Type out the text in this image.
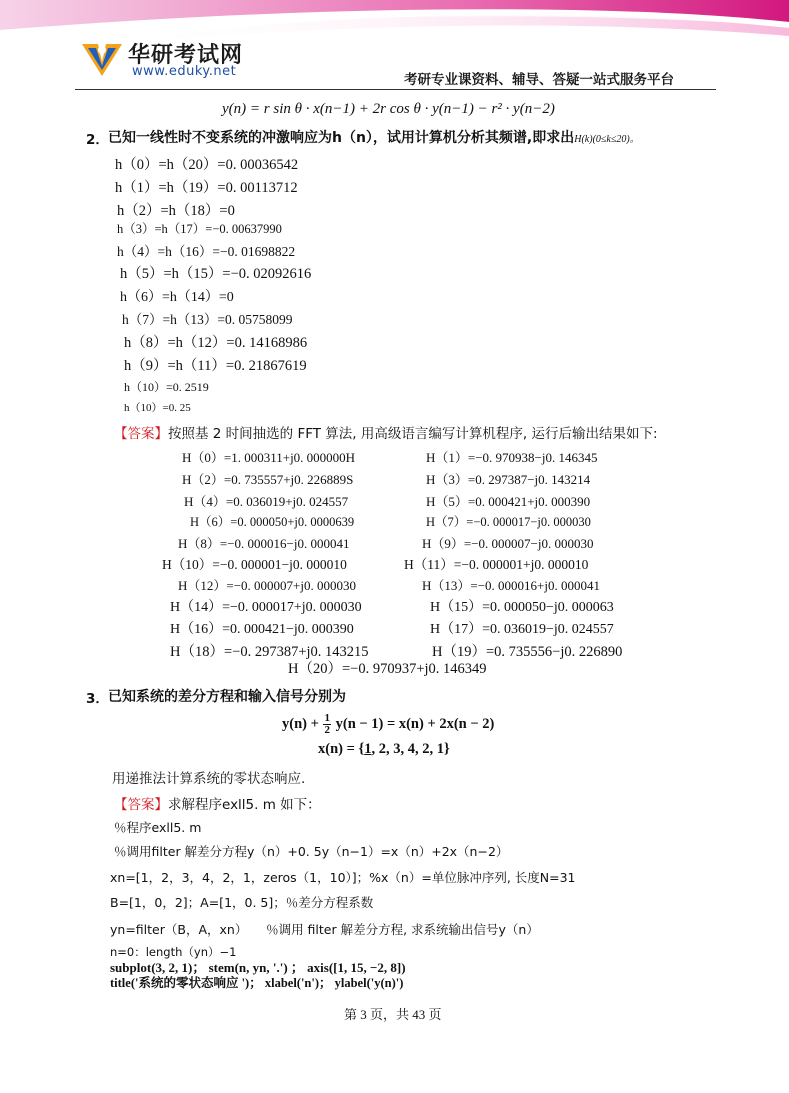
华研考试网
www.eduky.net
考研专业课资料、辅导、答疑一站式服务平台
y(n) = r sin θ · x(n−1) + 2r cos θ · y(n−1) − r² · y(n−2)
2． 已知一线性时不变系统的冲激响应为h（n），试用计算机分析其频谱,即求出H(k)(0≤k≤20)。
h（0）=h（20）=0. 00036542
h（1）=h（19）=0. 00113712
h（2）=h（18）=0
h（3）=h（17）=−0. 00637990
h（4）=h（16）=−0. 01698822
h（5）=h（15）=−0. 02092616
h（6）=h（14）=0
h（7）=h（13）=0. 05758099
h（8）=h（12）=0. 14168986
h（9）=h（11）=0. 21867619
h（10）=0. 2519
h（10）=0. 25
【答案】按照基 2 时间抽选的 FFT 算法, 用高级语言编写计算机程序, 运行后输出结果如下:
H（0）=1. 000311+j0. 000000H	H（1）=−0. 970938−j0. 146345
H（2）=0. 735557+j0. 226889S	H（3）=0. 297387−j0. 143214
H（4）=0. 036019+j0. 024557	H（5）=0. 000421+j0. 000390
H（6）=0. 000050+j0. 0000639	H（7）=−0. 000017−j0. 000030
H（8）=−0. 000016−j0. 000041	H（9）=−0. 000007−j0. 000030
H（10）=−0. 000001−j0. 000010	H（11）=−0. 000001+j0. 000010
H（12）=−0. 000007+j0. 000030	H（13）=−0. 000016+j0. 000041
H（14）=−0. 000017+j0. 000030	H（15）=0. 000050−j0. 000063
H（16）=0. 000421−j0. 000390	H（17）=0. 036019−j0. 024557
H（18）=−0. 297387+j0. 143215	H（19）=0. 735556−j0. 226890
H（20）=−0. 970937+j0. 146349
3． 已知系统的差分方程和输入信号分别为
$y(n) + \frac{1}{2} y(n - 1) = x(n) + 2x(n - 2)$
x(n) = {1, 2, 3, 4, 2, 1}
用递推法计算系统的零状态响应.
【答案】求解程序exll5. m 如下：
％程序exll5. m
％调用filter 解差分方程y（n）+0. 5y（n−1）=x（n）+2x（n−2）
xn=[1，2，3，4，2，1，zeros（1，10）]；%x（n）=单位脉冲序列, 长度N=31
B=[1，0，2]；A=[1，0. 5]；％差分方程系数
yn=filter（B，A，xn）　　％调用 filter 解差分方程, 求系统输出信号y（n）
n=0：length（yn）−1
subplot(3, 2, 1)； stem(n, yn, '.') ； axis([1, 15, −2, 8])
title('系统的零状态响应 ')； xlabel('n')； ylabel('y(n)')
第 3 页，共 43 页
